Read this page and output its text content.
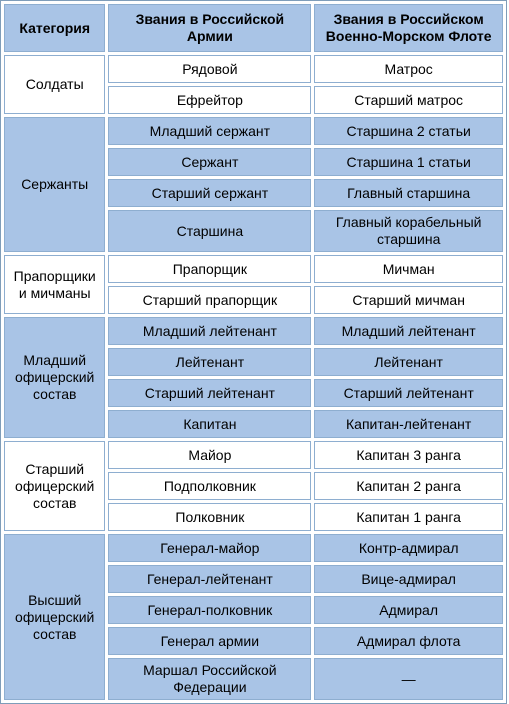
Категория	Звания в Российской Армии	Звания в Российском Военно-Морском Флоте
Солдаты	Рядовой	Матрос
	Ефрейтор	Старший матрос
Сержанты	Младший сержант	Старшина 2 статьи
	Сержант	Старшина 1 статьи
	Старший сержант	Главный старшина
	Старшина	Главный корабельный старшина
Прапорщики и мичманы	Прапорщик	Мичман
	Старший прапорщик	Старший мичман
Младший офицерский состав	Младший лейтенант	Младший лейтенант
	Лейтенант	Лейтенант
	Старший лейтенант	Старший лейтенант
	Капитан	Капитан-лейтенант
Старший офицерский состав	Майор	Капитан 3 ранга
	Подполковник	Капитан 2 ранга
	Полковник	Капитан 1 ранга
Высший офицерский состав	Генерал-майор	Контр-адмирал
	Генерал-лейтенант	Вице-адмирал
	Генерал-полковник	Адмирал
	Генерал армии	Адмирал флота
	Маршал Российской Федерации	—
